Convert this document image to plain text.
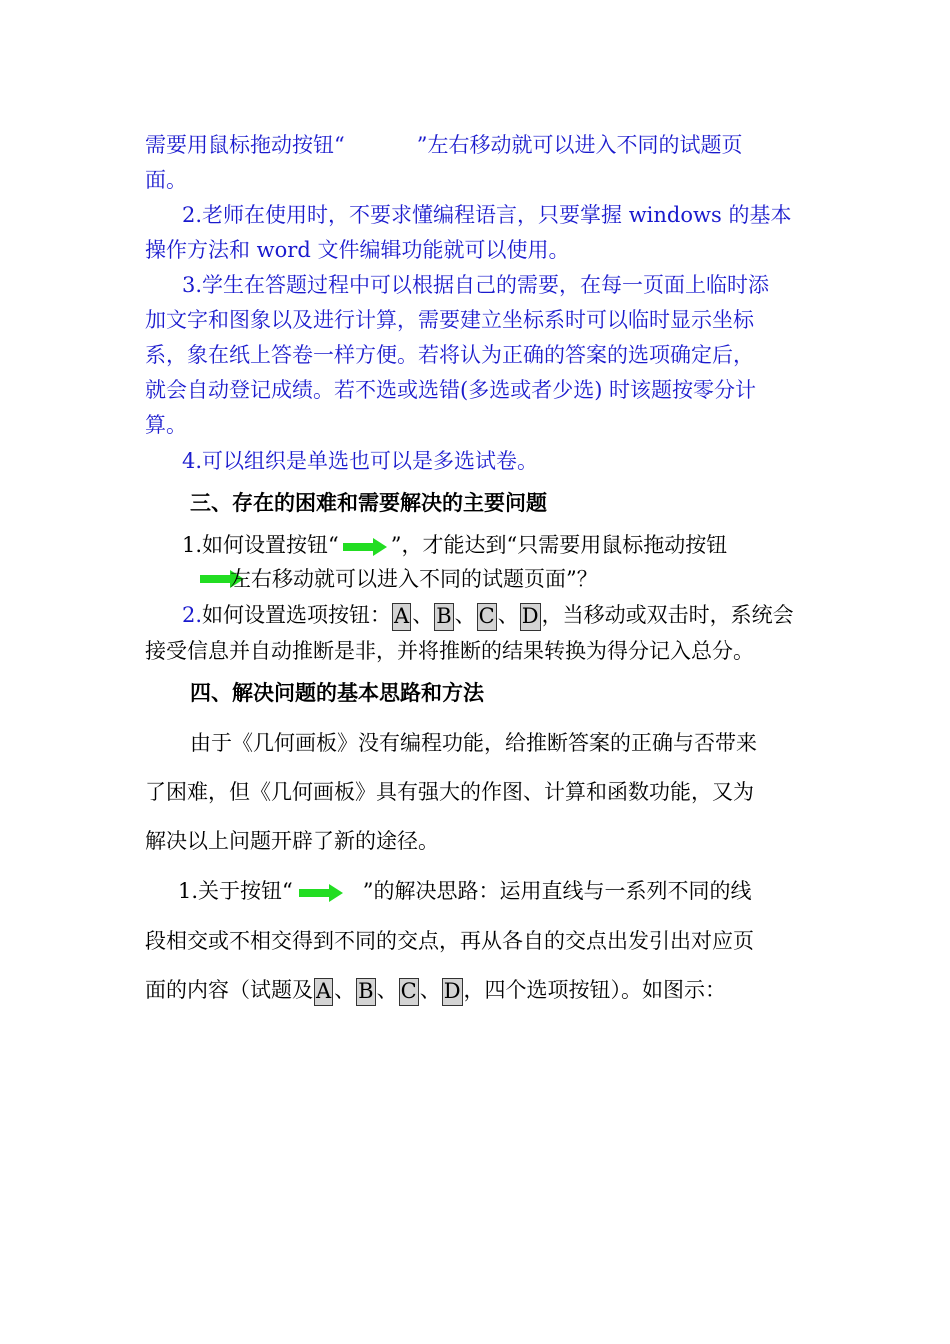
需要用鼠标拖动按钮“	”左右移动就可以进入不同的试题页
面。
2.老师在使用时，不要求懂编程语言，只要掌握 windows 的基本
操作方法和 word 文件编辑功能就可以使用。
3.学生在答题过程中可以根据自己的需要，在每一页面上临时添
加文字和图象以及进行计算，需要建立坐标系时可以临时显示坐标
系，象在纸上答卷一样方便。若将认为正确的答案的选项确定后，
就会自动登记成绩。若不选或选错(多选或者少选) 时该题按零分计
算。
4.可以组织是单选也可以是多选试卷。
三、存在的困难和需要解决的主要问题
1.如何设置按钮“ ”，才能达到“只需要用鼠标拖动按钮
左右移动就可以进入不同的试题页面”？
2.如何设置选项按钮： A 、 B 、 C 、 D ，当移动或双击时，系统会
接受信息并自动推断是非，并将推断的结果转换为得分记入总分。
四、解决问题的基本思路和方法
由于《几何画板》没有编程功能，给推断答案的正确与否带来
了困难，但《几何画板》具有强大的作图、计算和函数功能，又为
解决以上问题开辟了新的途径。
1.关于按钮“	”的解决思路：运用直线与一系列不同的线
段相交或不相交得到不同的交点，再从各自的交点出发引出对应页
面的内容（试题及 A 、 B 、 C 、 D ，四个选项按钮）。如图示：
